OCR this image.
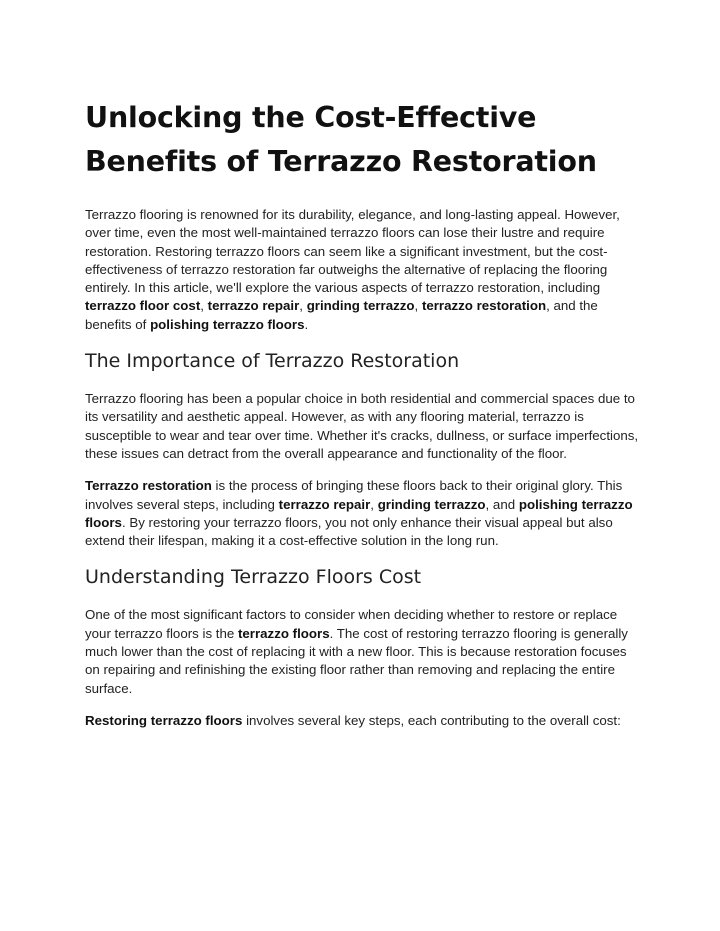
Unlocking the Cost-Effective Benefits of Terrazzo Restoration

Terrazzo flooring is renowned for its durability, elegance, and long-lasting appeal. However, over time, even the most well-maintained terrazzo floors can lose their lustre and require restoration. Restoring terrazzo floors can seem like a significant investment, but the cost-effectiveness of terrazzo restoration far outweighs the alternative of replacing the flooring entirely. In this article, we'll explore the various aspects of terrazzo restoration, including terrazzo floor cost, terrazzo repair, grinding terrazzo, terrazzo restoration, and the benefits of polishing terrazzo floors.

The Importance of Terrazzo Restoration

Terrazzo flooring has been a popular choice in both residential and commercial spaces due to its versatility and aesthetic appeal. However, as with any flooring material, terrazzo is susceptible to wear and tear over time. Whether it's cracks, dullness, or surface imperfections, these issues can detract from the overall appearance and functionality of the floor.

Terrazzo restoration is the process of bringing these floors back to their original glory. This involves several steps, including terrazzo repair, grinding terrazzo, and polishing terrazzo floors. By restoring your terrazzo floors, you not only enhance their visual appeal but also extend their lifespan, making it a cost-effective solution in the long run.

Understanding Terrazzo Floors Cost

One of the most significant factors to consider when deciding whether to restore or replace your terrazzo floors is the terrazzo floors. The cost of restoring terrazzo flooring is generally much lower than the cost of replacing it with a new floor. This is because restoration focuses on repairing and refinishing the existing floor rather than removing and replacing the entire surface.

Restoring terrazzo floors involves several key steps, each contributing to the overall cost:
